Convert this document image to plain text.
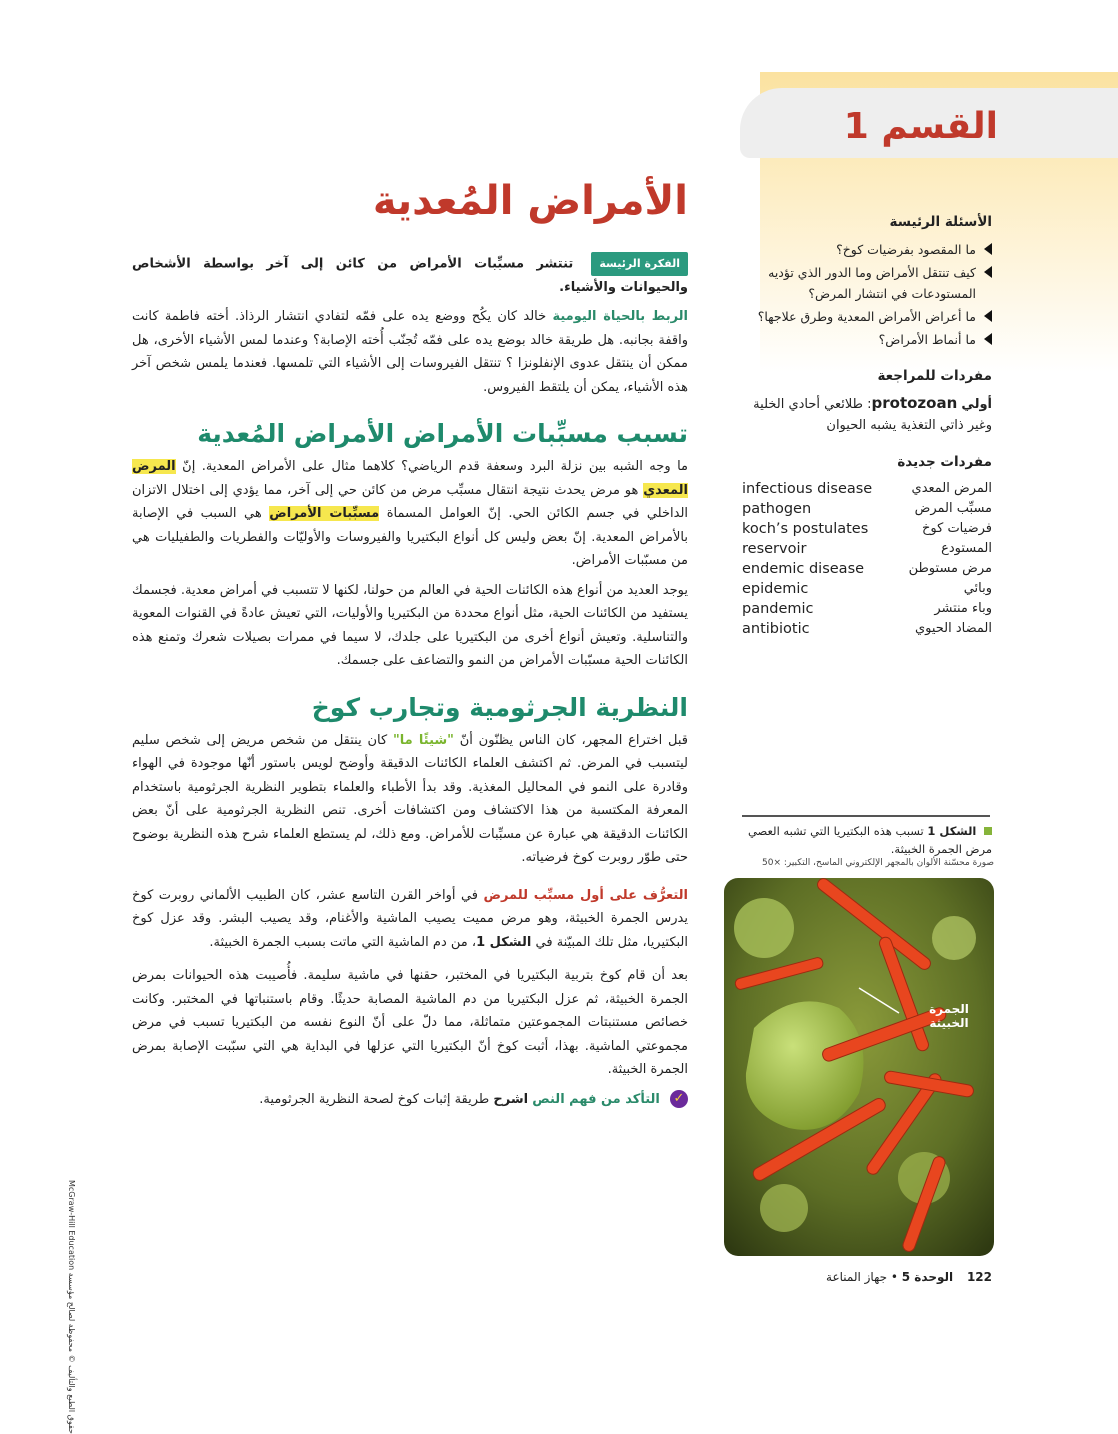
القسم 1
الأمراض المُعدية	الأسئلة الرئيسة
ما المقصود بفرضيات كوخ؟
كيف تنتقل الأمراض وما الدور الذي تؤديه المستودعات في انتشار المرض؟
ما أعراض الأمراض المعدية وطرق علاجها؟
ما أنماط الأمراض؟
مفردات للمراجعة
أولي protozoan: طلائعي أحادي الخلية وغير ذاتي التغذية يشبه الحيوان
مفردات جديدة
المرض المعدي
infectious disease
مسبِّب المرض
pathogen
فرضيات كوخ
koch’s postulates
المستودع
reservoir
مرض مستوطن
endemic disease
وبائي
epidemic
وباء منتشر
pandemic
المضاد الحيوي
antibiotic

الفكرة الرئيسة تنتشر مسبِّبات الأمراض من كائن إلى آخر بواسطة الأشخاص والحيوانات والأشياء.

الربط بالحياة اليومية خالد كان يكُح ووضع يده على فمّه لتفادي انتشار الرذاذ. أخته فاطمة كانت واقفة بجانبه. هل طريقة خالد بوضع يده على فمّه تُجنّب أُخته الإصابة؟ وعندما لمس الأشياء الأخرى، هل ممكن أن ينتقل عدوى الإنفلونزا ؟ تنتقل الفيروسات إلى الأشياء التي تلمسها. فعندما يلمس شخص آخر هذه الأشياء، يمكن أن يلتقط الفيروس.

تسبب مسبِّبات الأمراض الأمراض المُعدية

ما وجه الشبه بين نزلة البرد وسعفة قدم الرياضي؟ كلاهما مثال على الأمراض المعدية. إنّ المرض المعدي هو مرض يحدث نتيجة انتقال مسبِّب مرض من كائن حي إلى آخر، مما يؤدي إلى اختلال الاتزان الداخلي في جسم الكائن الحي. إنّ العوامل المسماة مسبِّبات الأمراض هي السبب في الإصابة بالأمراض المعدية. إنّ بعض وليس كل أنواع البكتيريا والفيروسات والأوليّات والفطريات والطفيليات هي من مسبّبات الأمراض.

يوجد العديد من أنواع هذه الكائنات الحية في العالم من حولنا، لكنها لا تتسبب في أمراض معدية. فجسمك يستفيد من الكائنات الحية، مثل أنواع محددة من البكتيريا والأوليات، التي تعيش عادةً في القنوات المعوية والتناسلية. وتعيش أنواع أخرى من البكتيريا على جلدك، لا سيما في ممرات بصيلات شعرك وتمنع هذه الكائنات الحية مسبّبات الأمراض من النمو والتضاعف على جسمك.

النظرية الجرثومية وتجارب كوخ

قبل اختراع المجهر، كان الناس يظنّون أنّ "شيئًا ما" كان ينتقل من شخص مريض إلى شخص سليم ليتسبب في المرض. ثم اكتشف العلماء الكائنات الدقيقة وأوضح لويس باستور أنّها موجودة في الهواء وقادرة على النمو في المحاليل المغذية. وقد بدأ الأطباء والعلماء بتطوير النظرية الجرثومية باستخدام المعرفة المكتسبة من هذا الاكتشاف ومن اكتشافات أخرى. تنص النظرية الجرثومية على أنّ بعض الكائنات الدقيقة هي عبارة عن مسبِّبات للأمراض. ومع ذلك، لم يستطع العلماء شرح هذه النظرية بوضوح حتى طوّر روبرت كوخ فرضياته.

التعرُّف على أول مسبِّب للمرض في أواخر القرن التاسع عشر، كان الطبيب الألماني روبرت كوخ يدرس الجمرة الخبيثة، وهو مرض مميت يصيب الماشية والأغنام، وقد يصيب البشر. وقد عزل كوخ البكتيريا، مثل تلك المبيّنة في الشكل 1، من دم الماشية التي ماتت بسبب الجمرة الخبيثة.

بعد أن قام كوخ بتربية البكتيريا في المختبر، حقنها في ماشية سليمة. فأُصيبت هذه الحيوانات بمرض الجمرة الخبيثة، ثم عزل البكتيريا من دم الماشية المصابة حديثًا. وقام باستنباتها في المختبر. وكانت خصائص مستنبتات المجموعتين متماثلة، مما دلّ على أنّ النوع نفسه من البكتيريا تسبب في مرض مجموعتي الماشية. بهذا، أثبت كوخ أنّ البكتيريا التي عزلها في البداية هي التي سبّبت الإصابة بمرض الجمرة الخبيثة.

✓ التأكد من فهم النص اشرح طريقة إثبات كوخ لصحة النظرية الجرثومية.

الشكل 1 تسبب هذه البكتيريا التي تشبه العصي مرض الجمرة الخبيثة.
صورة محسّنة الألوان بالمجهر الإلكتروني الماسح، التكبير: ×50
الجمرة الخبيثة
122 الوحدة 5 • جهاز المناعة
McGraw-Hill Education حقوق الطبع والتأليف © محفوظة لصالح مؤسسة
